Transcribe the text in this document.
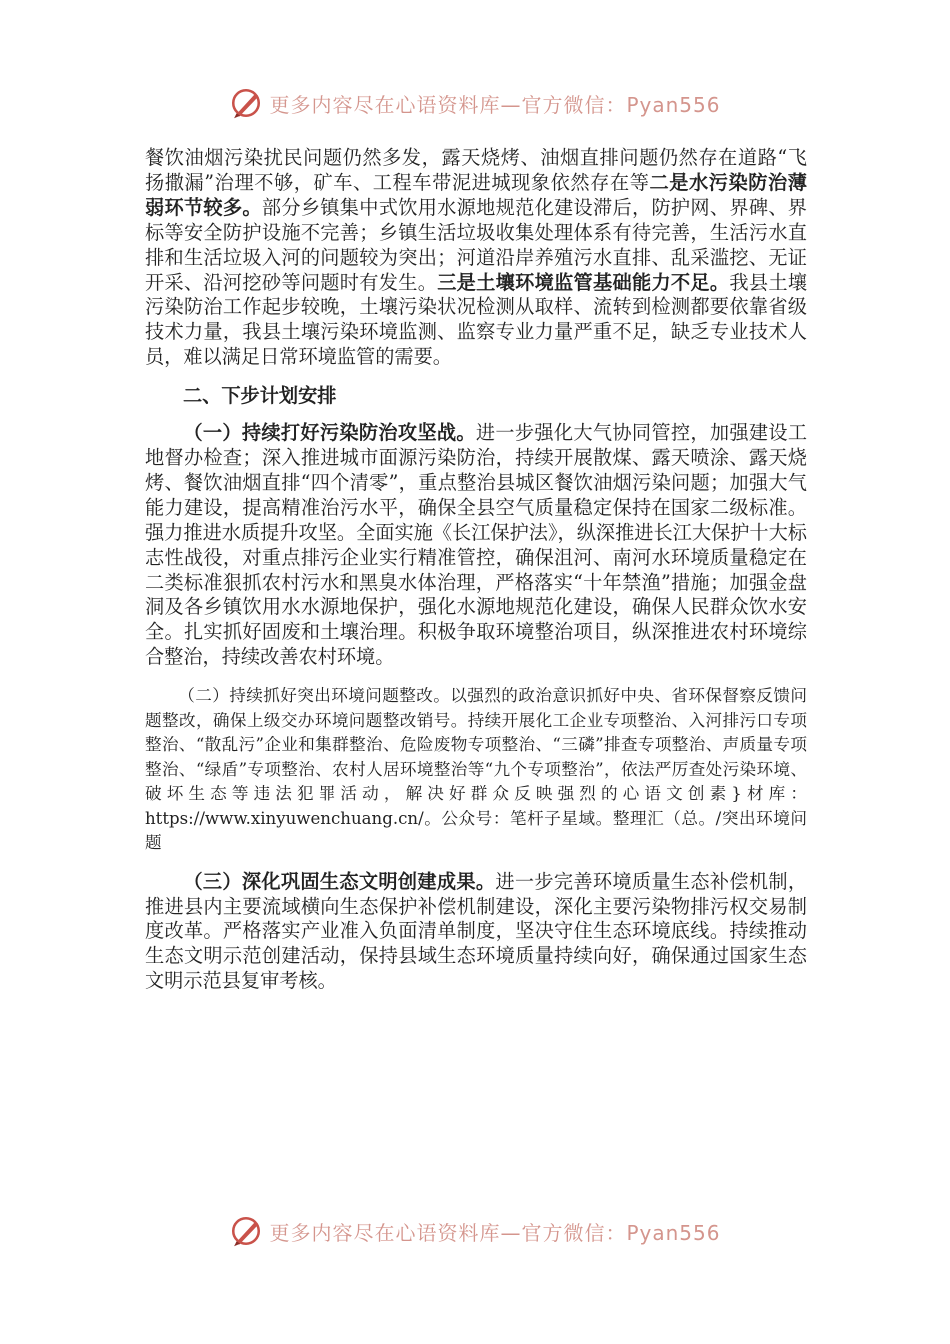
更多内容尽在心语资料库—官方微信：Pyan556

餐饮油烟污染扰民问题仍然多发，露天烧烤、油烟直排问题仍然存在道路“飞扬撒漏”治理不够，矿车、工程车带泥进城现象依然存在等二是水污染防治薄弱环节较多。部分乡镇集中式饮用水源地规范化建设滞后，防护网、界碑、界标等安全防护设施不完善；乡镇生活垃圾收集处理体系有待完善，生活污水直排和生活垃圾入河的问题较为突出；河道沿岸养殖污水直排、乱采滥挖、无证开采、沿河挖砂等问题时有发生。三是土壤环境监管基础能力不足。我县土壤污染防治工作起步较晚，土壤污染状况检测从取样、流转到检测都要依靠省级技术力量，我县土壤污染环境监测、监察专业力量严重不足，缺乏专业技术人员，难以满足日常环境监管的需要。

二、下步计划安排

（一）持续打好污染防治攻坚战。进一步强化大气协同管控，加强建设工地督办检查；深入推进城市面源污染防治，持续开展散煤、露天喷涂、露天烧烤、餐饮油烟直排“四个清零”，重点整治县城区餐饮油烟污染问题；加强大气能力建设，提高精准治污水平，确保全县空气质量稳定保持在国家二级标准。强力推进水质提升攻坚。全面实施《长江保护法》，纵深推进长江大保护十大标志性战役，对重点排污企业实行精准管控，确保沮河、南河水环境质量稳定在二类标准狠抓农村污水和黑臭水体治理，严格落实“十年禁渔”措施；加强金盘洞及各乡镇饮用水水源地保护，强化水源地规范化建设，确保人民群众饮水安全。扎实抓好固废和土壤治理。积极争取环境整治项目，纵深推进农村环境综合整治，持续改善农村环境。

（二）持续抓好突出环境问题整改。以强烈的政治意识抓好中央、省环保督察反馈问题整改，确保上级交办环境问题整改销号。持续开展化工企业专项整治、入河排污口专项整治、“散乱污”企业和集群整治、危险废物专项整治、“三磷”排查专项整治、声质量专项整治、“绿盾”专项整治、农村人居环境整治等“九个专项整治”，依法严厉查处污染环境、破坏生态等违法犯罪活动，解决好群众反映强烈的心语文创素}材库：https://www.xinyuwenchuang.cn/。公众号：笔杆子星域。整理汇（总。/突出环境问题

（三）深化巩固生态文明创建成果。进一步完善环境质量生态补偿机制，推进县内主要流域横向生态保护补偿机制建设，深化主要污染物排污权交易制度改革。严格落实产业准入负面清单制度，坚决守住生态环境底线。持续推动生态文明示范创建活动，保持县域生态环境质量持续向好，确保通过国家生态文明示范县复审考核。

更多内容尽在心语资料库—官方微信：Pyan556
